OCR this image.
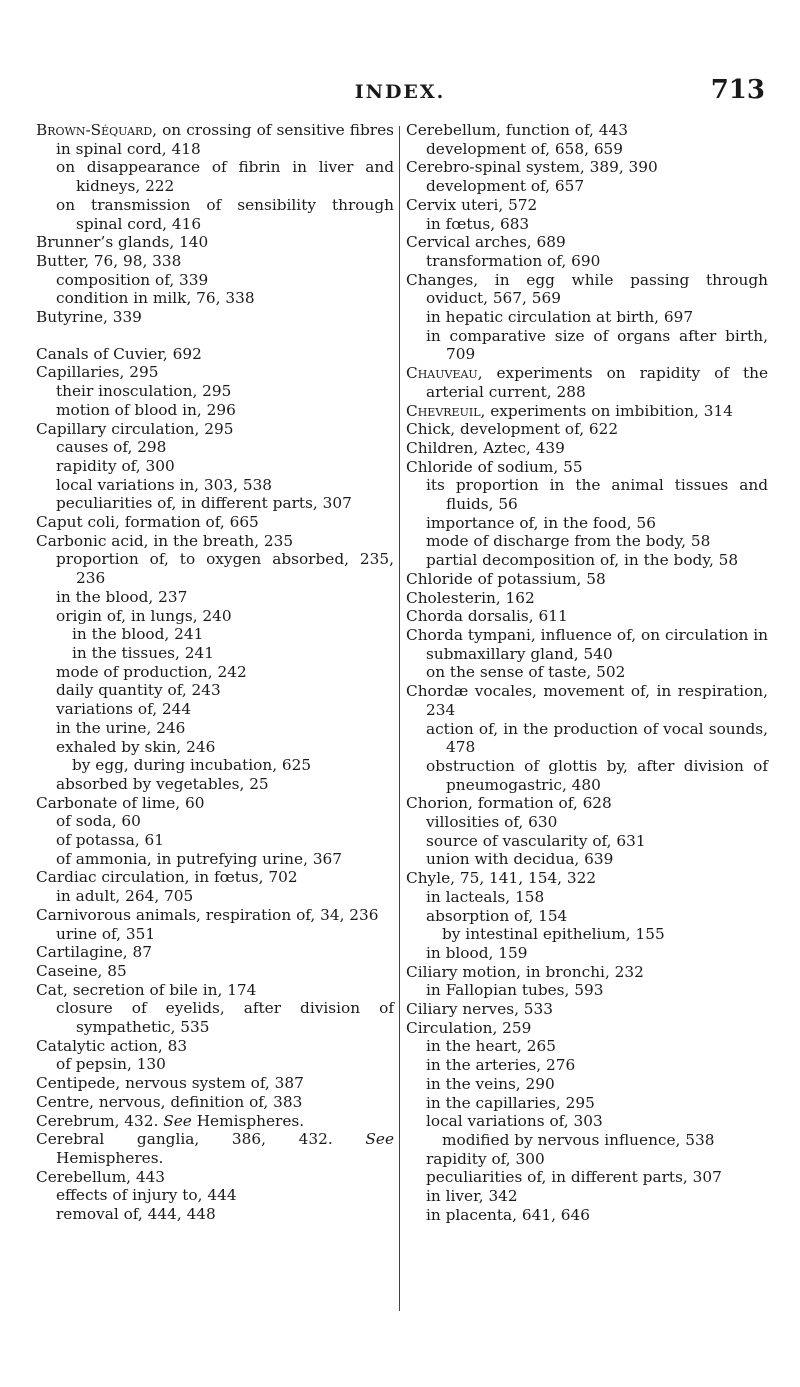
INDEX.	713

Brown-Séquard, on crossing of sensitive fibres in spinal cord, 418

on disappearance of fibrin in liver and kidneys, 222

on transmission of sensibility through spinal cord, 416

Brunner’s glands, 140

Butter, 76, 98, 338

composition of, 339

condition in milk, 76, 338

Butyrine, 339

Canals of Cuvier, 692

Capillaries, 295

their inosculation, 295

motion of blood in, 296

Capillary circulation, 295

causes of, 298

rapidity of, 300

local variations in, 303, 538

peculiarities of, in different parts, 307

Caput coli, formation of, 665

Carbonic acid, in the breath, 235

proportion of, to oxygen absorbed, 235, 236

in the blood, 237

origin of, in lungs, 240

in the blood, 241

in the tissues, 241

mode of production, 242

daily quantity of, 243

variations of, 244

in the urine, 246

exhaled by skin, 246

by egg, during incubation, 625

absorbed by vegetables, 25

Carbonate of lime, 60

of soda, 60

of potassa, 61

of ammonia, in putrefying urine, 367

Cardiac circulation, in fœtus, 702

in adult, 264, 705

Carnivorous animals, respiration of, 34, 236

urine of, 351

Cartilagine, 87

Caseine, 85

Cat, secretion of bile in, 174

closure of eyelids, after division of sympathetic, 535

Catalytic action, 83

of pepsin, 130

Centipede, nervous system of, 387

Centre, nervous, definition of, 383

Cerebrum, 432. See Hemispheres.

Cerebral ganglia, 386, 432. See Hemispheres.

Cerebellum, 443

effects of injury to, 444

removal of, 444, 448

Cerebellum, function of, 443

development of, 658, 659

Cerebro-spinal system, 389, 390

development of, 657

Cervix uteri, 572

in fœtus, 683

Cervical arches, 689

transformation of, 690

Changes, in egg while passing through oviduct, 567, 569

in hepatic circulation at birth, 697

in comparative size of organs after birth, 709

Chauveau, experiments on rapidity of the arterial current, 288

Chevreuil, experiments on imbibition, 314

Chick, development of, 622

Children, Aztec, 439

Chloride of sodium, 55

its proportion in the animal tissues and fluids, 56

importance of, in the food, 56

mode of discharge from the body, 58

partial decomposition of, in the body, 58

Chloride of potassium, 58

Cholesterin, 162

Chorda dorsalis, 611

Chorda tympani, influence of, on circulation in submaxillary gland, 540

on the sense of taste, 502

Chordæ vocales, movement of, in respiration, 234

action of, in the production of vocal sounds, 478

obstruction of glottis by, after division of pneumogastric, 480

Chorion, formation of, 628

villosities of, 630

source of vascularity of, 631

union with decidua, 639

Chyle, 75, 141, 154, 322

in lacteals, 158

absorption of, 154

by intestinal epithelium, 155

in blood, 159

Ciliary motion, in bronchi, 232

in Fallopian tubes, 593

Ciliary nerves, 533

Circulation, 259

in the heart, 265

in the arteries, 276

in the veins, 290

in the capillaries, 295

local variations of, 303

modified by nervous influence, 538

rapidity of, 300

peculiarities of, in different parts, 307

in liver, 342

in placenta, 641, 646
